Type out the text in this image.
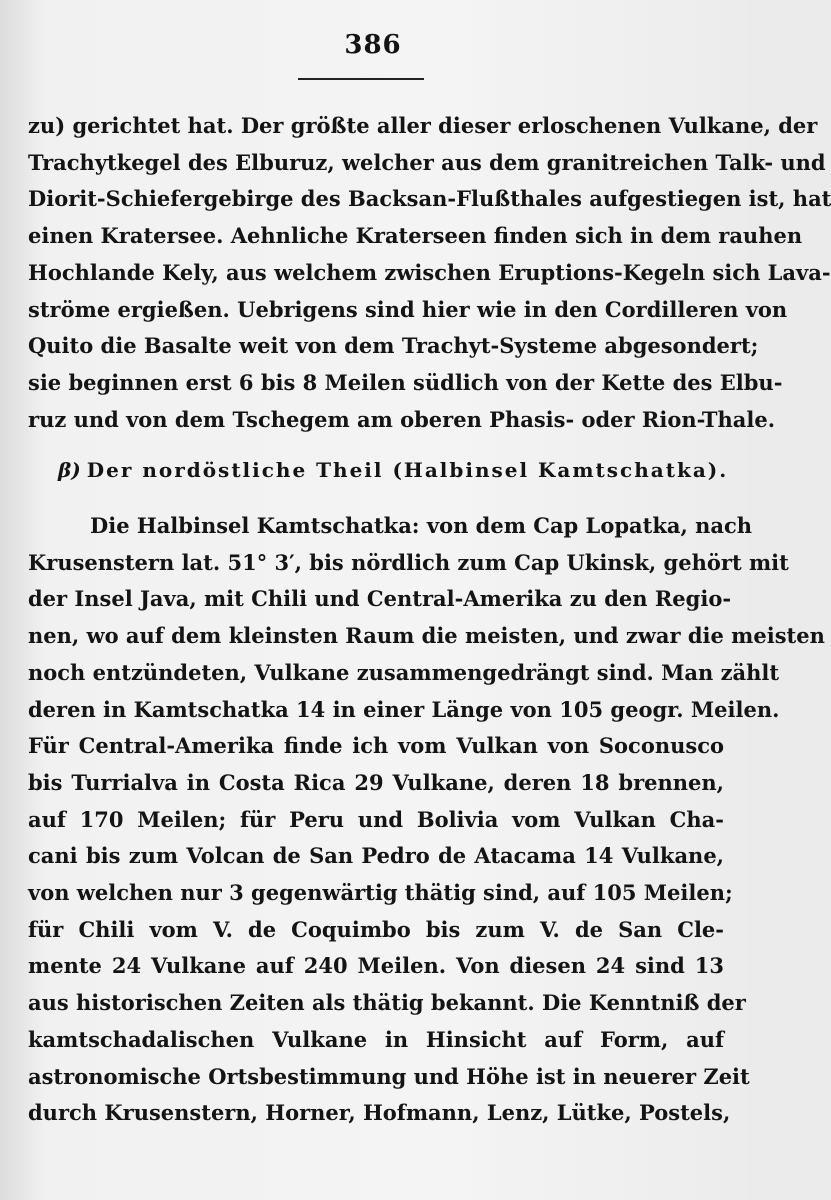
386
zu) gerichtet hat. Der größte aller dieser erloschenen Vulkane, der
Trachytkegel des Elburuz, welcher aus dem granitreichen Talk- und
Diorit-Schiefergebirge des Backsan-Flußthales aufgestiegen ist, hat
einen Kratersee. Aehnliche Kraterseen finden sich in dem rauhen
Hochlande Kely, aus welchem zwischen Eruptions-Kegeln sich Lava-
ströme ergießen. Uebrigens sind hier wie in den Cordilleren von
Quito die Basalte weit von dem Trachyt-Systeme abgesondert;
sie beginnen erst 6 bis 8 Meilen südlich von der Kette des Elbu-
ruz und von dem Tschegem am oberen Phasis- oder Rion-Thale.
β) Der nordöstliche Theil (Halbinsel Kamtschatka).
Die Halbinsel Kamtschatka: von dem Cap Lopatka, nach
Krusenstern lat. 51° 3′, bis nördlich zum Cap Ukinsk, gehört mit
der Insel Java, mit Chili und Central-Amerika zu den Regio-
nen, wo auf dem kleinsten Raum die meisten, und zwar die meisten
noch entzündeten, Vulkane zusammengedrängt sind. Man zählt
deren in Kamtschatka 14 in einer Länge von 105 geogr. Meilen.
Für Central-Amerika finde ich vom Vulkan von Soconusco
bis Turrialva in Costa Rica 29 Vulkane, deren 18 brennen,
auf 170 Meilen; für Peru und Bolivia vom Vulkan Cha-
cani bis zum Volcan de San Pedro de Atacama 14 Vulkane,
von welchen nur 3 gegenwärtig thätig sind, auf 105 Meilen;
für Chili vom V. de Coquimbo bis zum V. de San Cle-
mente 24 Vulkane auf 240 Meilen. Von diesen 24 sind 13
aus historischen Zeiten als thätig bekannt. Die Kenntniß der
kamtschadalischen Vulkane in Hinsicht auf Form, auf
astronomische Ortsbestimmung und Höhe ist in neuerer Zeit
durch Krusenstern, Horner, Hofmann, Lenz, Lütke, Postels,
